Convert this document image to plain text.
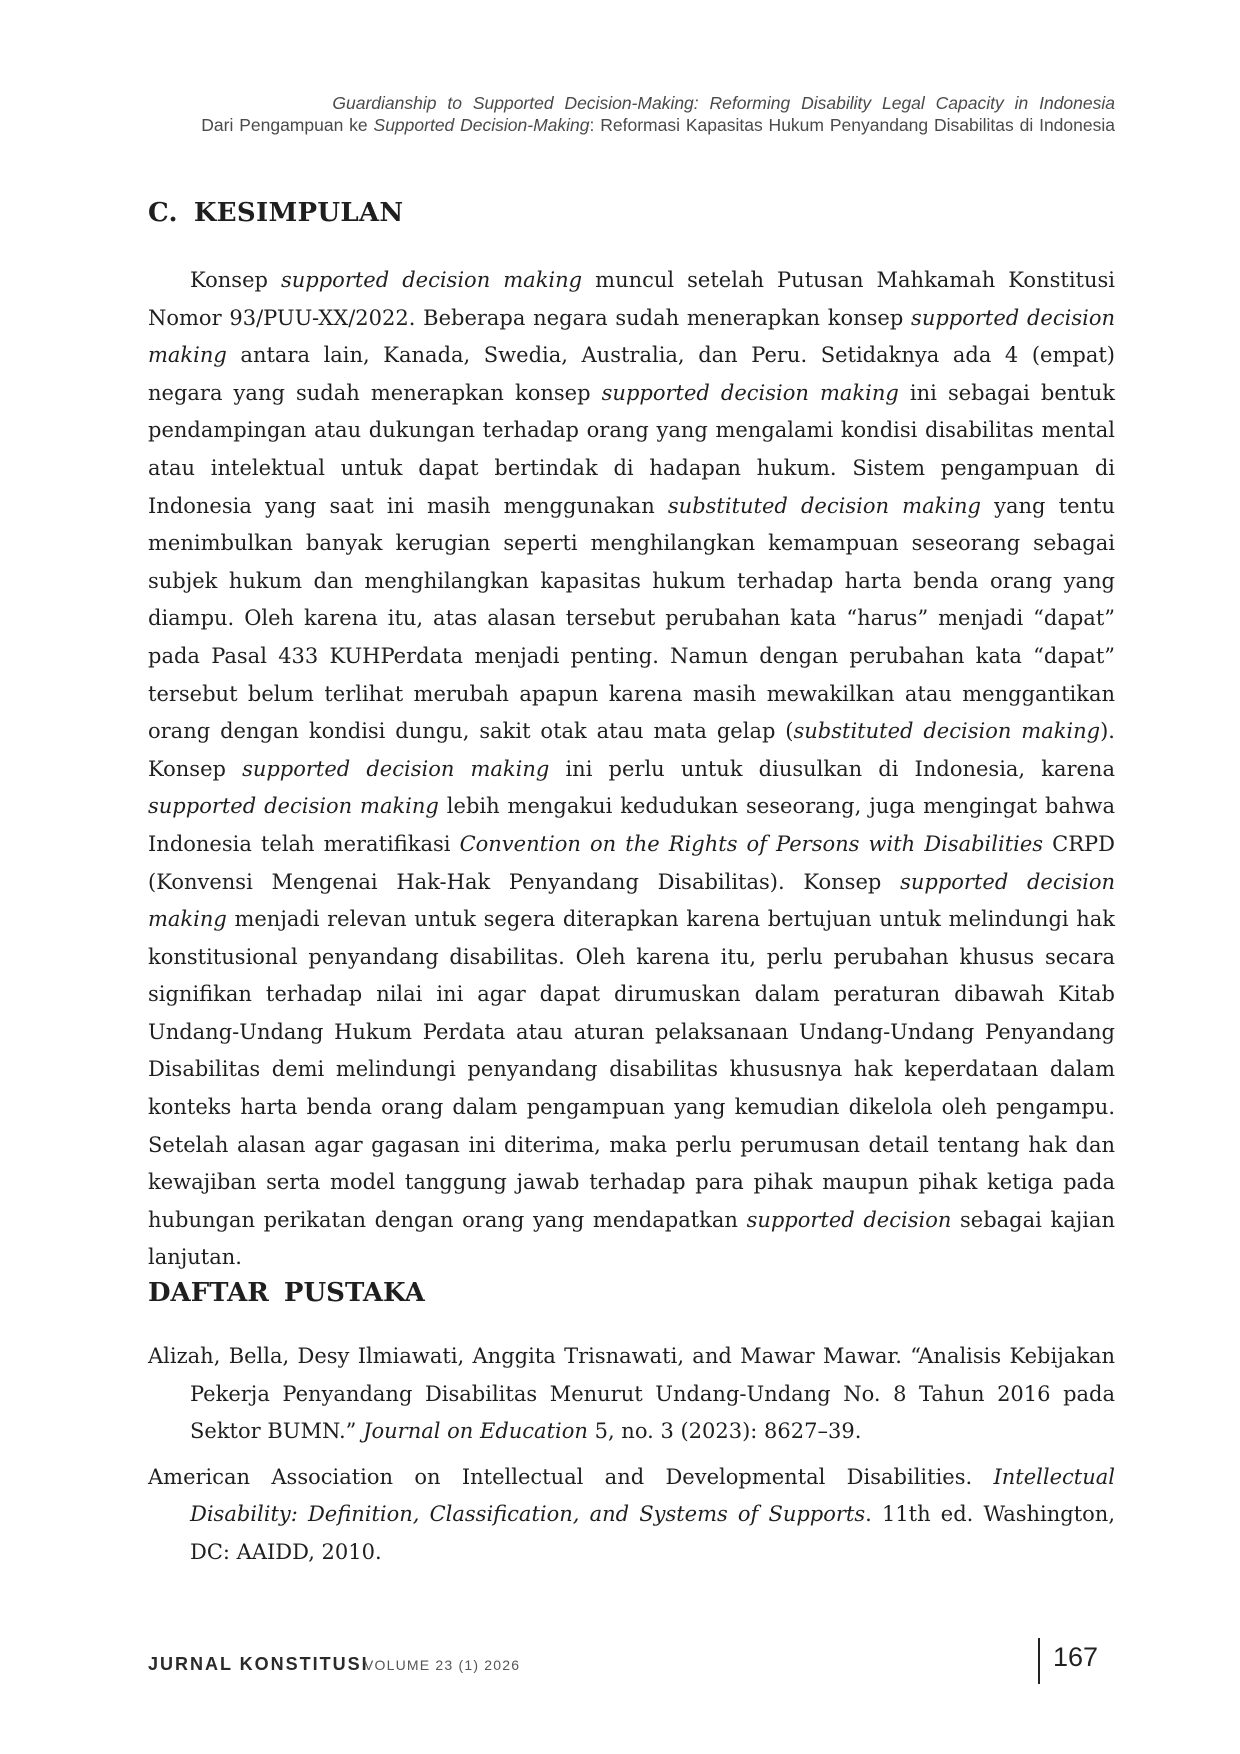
Guardianship to Supported Decision-Making: Reforming Disability Legal Capacity in Indonesia
Dari Pengampuan ke Supported Decision-Making: Reformasi Kapasitas Hukum Penyandang Disabilitas di Indonesia
C. KESIMPULAN

Konsep supported decision making muncul setelah Putusan Mahkamah Konstitusi Nomor 93/PUU-XX/2022. Beberapa negara sudah menerapkan konsep supported decision making antara lain, Kanada, Swedia, Australia, dan Peru. Setidaknya ada 4 (empat) negara yang sudah menerapkan konsep supported decision making ini sebagai bentuk pendampingan atau dukungan terhadap orang yang mengalami kondisi disabilitas mental atau intelektual untuk dapat bertindak di hadapan hukum. Sistem pengampuan di Indonesia yang saat ini masih menggunakan substituted decision making yang tentu menimbulkan banyak kerugian seperti menghilangkan kemampuan seseorang sebagai subjek hukum dan menghilangkan kapasitas hukum terhadap harta benda orang yang diampu. Oleh karena itu, atas alasan tersebut perubahan kata “harus” menjadi “dapat” pada Pasal 433 KUHPerdata menjadi penting. Namun dengan perubahan kata “dapat” tersebut belum terlihat merubah apapun karena masih mewakilkan atau menggantikan orang dengan kondisi dungu, sakit otak atau mata gelap (substituted decision making). Konsep supported decision making ini perlu untuk diusulkan di Indonesia, karena supported decision making lebih mengakui kedudukan seseorang, juga mengingat bahwa Indonesia telah meratifikasi Convention on the Rights of Persons with Disabilities CRPD (Konvensi Mengenai Hak-Hak Penyandang Disabilitas). Konsep supported decision making menjadi relevan untuk segera diterapkan karena bertujuan untuk melindungi hak konstitusional penyandang disabilitas. Oleh karena itu, perlu perubahan khusus secara signifikan terhadap nilai ini agar dapat dirumuskan dalam peraturan dibawah Kitab Undang-Undang Hukum Perdata atau aturan pelaksanaan Undang-Undang Penyandang Disabilitas demi melindungi penyandang disabilitas khususnya hak keperdataan dalam konteks harta benda orang dalam pengampuan yang kemudian dikelola oleh pengampu. Setelah alasan agar gagasan ini diterima, maka perlu perumusan detail tentang hak dan kewajiban serta model tanggung jawab terhadap para pihak maupun pihak ketiga pada hubungan perikatan dengan orang yang mendapatkan supported decision sebagai kajian lanjutan.

DAFTAR PUSTAKA
Alizah, Bella, Desy Ilmiawati, Anggita Trisnawati, and Mawar Mawar. “Analisis Kebijakan Pekerja Penyandang Disabilitas Menurut Undang-Undang No. 8 Tahun 2016 pada Sektor BUMN.” Journal on Education 5, no. 3 (2023): 8627–39.
American Association on Intellectual and Developmental Disabilities. Intellectual Disability: Definition, Classification, and Systems of Supports. 11th ed. Washington, DC: AAIDD, 2010.
JURNAL KONSTITUSI
VOLUME 23 (1) 2026	167
